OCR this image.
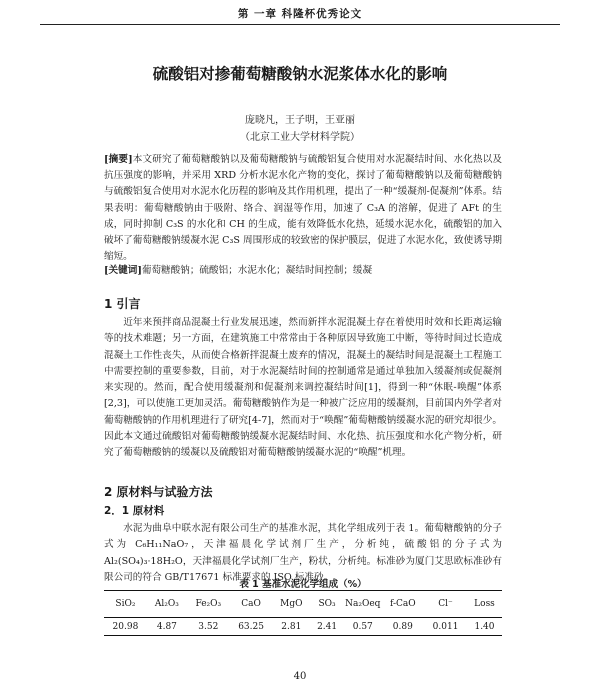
第 一章 科隆杯优秀论文
硫酸铝对掺葡萄糖酸钠水泥浆体水化的影响
庞晓凡，王子明，王亚丽
（北京工业大学材料学院）
[摘要]本文研究了葡萄糖酸钠以及葡萄糖酸钠与硫酸铝复合使用对水泥凝结时间、水化热以及抗压强度的影响，并采用 XRD 分析水泥水化产物的变化，探讨了葡萄糖酸钠以及葡萄糖酸钠与硫酸铝复合使用对水泥水化历程的影响及其作用机理，提出了一种“缓凝剂-促凝剂”体系。结果表明：葡萄糖酸钠由于吸附、络合、润湿等作用，加速了 C₃A 的溶解，促进了 AFt 的生成，同时抑制 C₃S 的水化和 CH 的生成，能有效降低水化热，延缓水泥水化，硫酸铝的加入破坏了葡萄糖酸钠缓凝水泥 C₃S 周围形成的较致密的保护膜层，促进了水泥水化，致使诱导期缩短。
[关键词]葡萄糖酸钠；硫酸铝；水泥水化；凝结时间控制；缓凝
1 引言
近年来预拌商品混凝土行业发展迅速，然而新拌水泥混凝土存在着使用时效和长距离运输等的技术难题；另一方面，在建筑施工中常常由于各种原因导致施工中断，等待时间过长造成混凝土工作性丧失，从而使合格新拌混凝土废弃的情况，混凝土的凝结时间是混凝土工程施工中需要控制的重要参数，目前，对于水泥凝结时间的控制通常是通过单独加入缓凝剂或促凝剂来实现的。然而，配合使用缓凝剂和促凝剂来调控凝结时间[1]，得到一种“休眠-唤醒”体系[2,3]，可以使施工更加灵活。葡萄糖酸钠作为是一种被广泛应用的缓凝剂，目前国内外学者对葡萄糖酸钠的作用机理进行了研究[4-7]，然而对于“唤醒”葡萄糖酸钠缓凝水泥的研究却很少。因此本文通过硫酸铝对葡萄糖酸钠缓凝水泥凝结时间、水化热、抗压强度和水化产物分析，研究了葡萄糖酸钠的缓凝以及硫酸铝对葡萄糖酸钠缓凝水泥的“唤醒”机理。
2 原材料与试验方法
2．1 原材料
水泥为曲阜中联水泥有限公司生产的基准水泥，其化学组成列于表 1。葡萄糖酸钠的分子式为 C₆H₁₁NaO₇，天津福晨化学试剂厂生产，分析纯，硫酸铝的分子式为 Al₂(SO₄)₃·18H₂O，天津福晨化学试剂厂生产，粉状，分析纯。标准砂为厦门艾思欧标准砂有限公司的符合 GB/T17671 标准要求的 ISO 标准砂。
表 1 基准水泥化学组成（%）
SiO₂	Al₂O₃	Fe₂O₃	CaO	MgO	SO₃	Na₂Oeq	f-CaO	Cl⁻	Loss
20.98	4.87	3.52	63.25	2.81	2.41	0.57	0.89	0.011	1.40
40
